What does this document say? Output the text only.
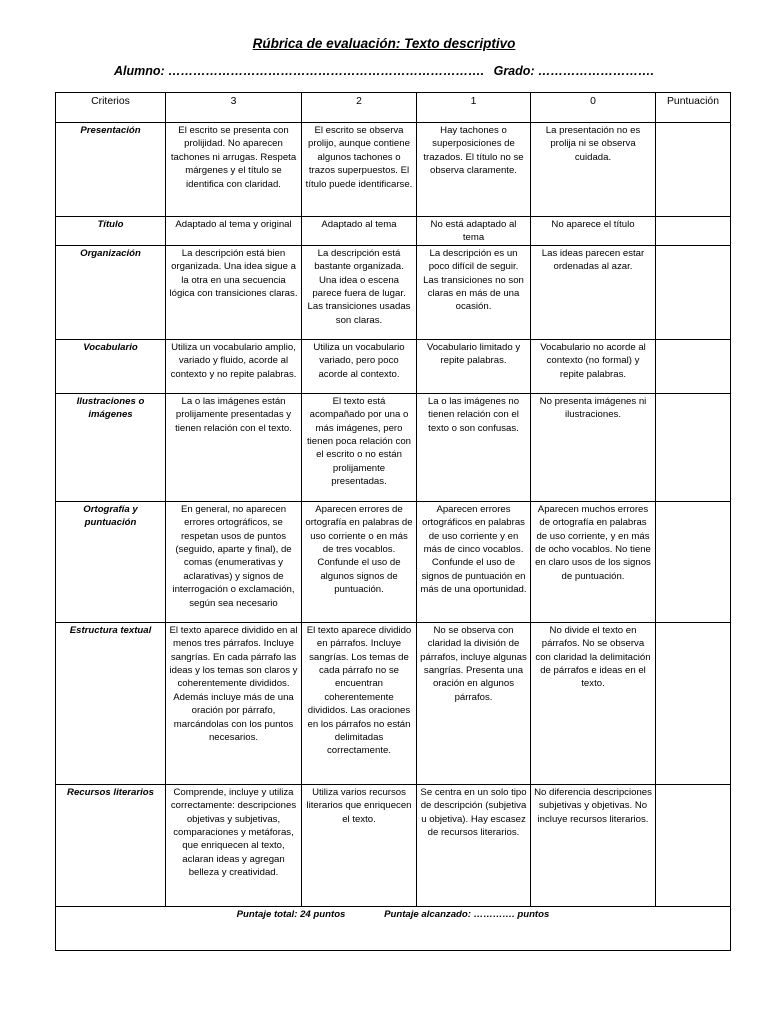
Rúbrica de evaluación: Texto descriptivo
Alumno: …………………………………………………………………. Grado: ……………………….
Criterios	3	2	1	0	Puntuación
Presentación	El escrito se presenta con prolijidad. No aparecen tachones ni arrugas. Respeta márgenes y el título se identifica con claridad.	El escrito se observa prolijo, aunque contiene algunos tachones o trazos superpuestos. El título puede identificarse.	Hay tachones o superposiciones de trazados. El título no se observa claramente.	La presentación no es prolija ni se observa cuidada.	
Título	Adaptado al tema y original	Adaptado al tema	No está adaptado al tema	No aparece el título	
Organización	La descripción está bien organizada. Una idea sigue a la otra en una secuencia lógica con transiciones claras.	La descripción está bastante organizada. Una idea o escena parece fuera de lugar. Las transiciones usadas son claras.	La descripción es un poco difícil de seguir. Las transiciones no son claras en más de una ocasión.	Las ideas parecen estar ordenadas al azar.	
Vocabulario	Utiliza un vocabulario amplio, variado y fluido, acorde al contexto y no repite palabras.	Utiliza un vocabulario variado, pero poco acorde al contexto.	Vocabulario limitado y repite palabras.	Vocabulario no acorde al contexto (no formal) y repite palabras.	
Ilustraciones o imágenes	La o las imágenes están prolijamente presentadas y tienen relación con el texto.	El texto está acompañado por una o más imágenes, pero tienen poca relación con el escrito o no están prolijamente presentadas.	La o las imágenes no tienen relación con el texto o son confusas.	No presenta imágenes ni ilustraciones.	
Ortografía y puntuación	En general, no aparecen errores ortográficos, se respetan usos de puntos (seguido, aparte y final), de comas (enumerativas y aclarativas) y signos de interrogación o exclamación, según sea necesario	Aparecen errores de ortografía en palabras de uso corriente o en más de tres vocablos. Confunde el uso de algunos signos de puntuación.	Aparecen errores ortográficos en palabras de uso corriente y en más de cinco vocablos. Confunde el uso de signos de puntuación en más de una oportunidad.	Aparecen muchos errores de ortografía en palabras de uso corriente, y en más de ocho vocablos. No tiene en claro usos de los signos de puntuación.	
Estructura textual	El texto aparece dividido en al menos tres párrafos. Incluye sangrías. En cada párrafo las ideas y los temas son claros y coherentemente divididos. Además incluye más de una oración por párrafo, marcándolas con los puntos necesarios.	El texto aparece dividido en párrafos. Incluye sangrías. Los temas de cada párrafo no se encuentran coherentemente divididos. Las oraciones en los párrafos no están delimitadas correctamente.	No se observa con claridad la división de párrafos, incluye algunas sangrías. Presenta una oración en algunos párrafos.	No divide el texto en párrafos. No se observa con claridad la delimitación de párrafos e ideas en el texto.	
Recursos literarios	Comprende, incluye y utiliza correctamente: descripciones objetivas y subjetivas, comparaciones y metáforas, que enriquecen al texto, aclaran ideas y agregan belleza y creatividad.	Utiliza varios recursos literarios que enriquecen el texto.	Se centra en un solo tipo de descripción (subjetiva u objetiva). Hay escasez de recursos literarios.	No diferencia descripciones subjetivas y objetivas. No incluye recursos literarios.	
Puntaje total: 24 puntos Puntaje alcanzado: …………. puntos					
